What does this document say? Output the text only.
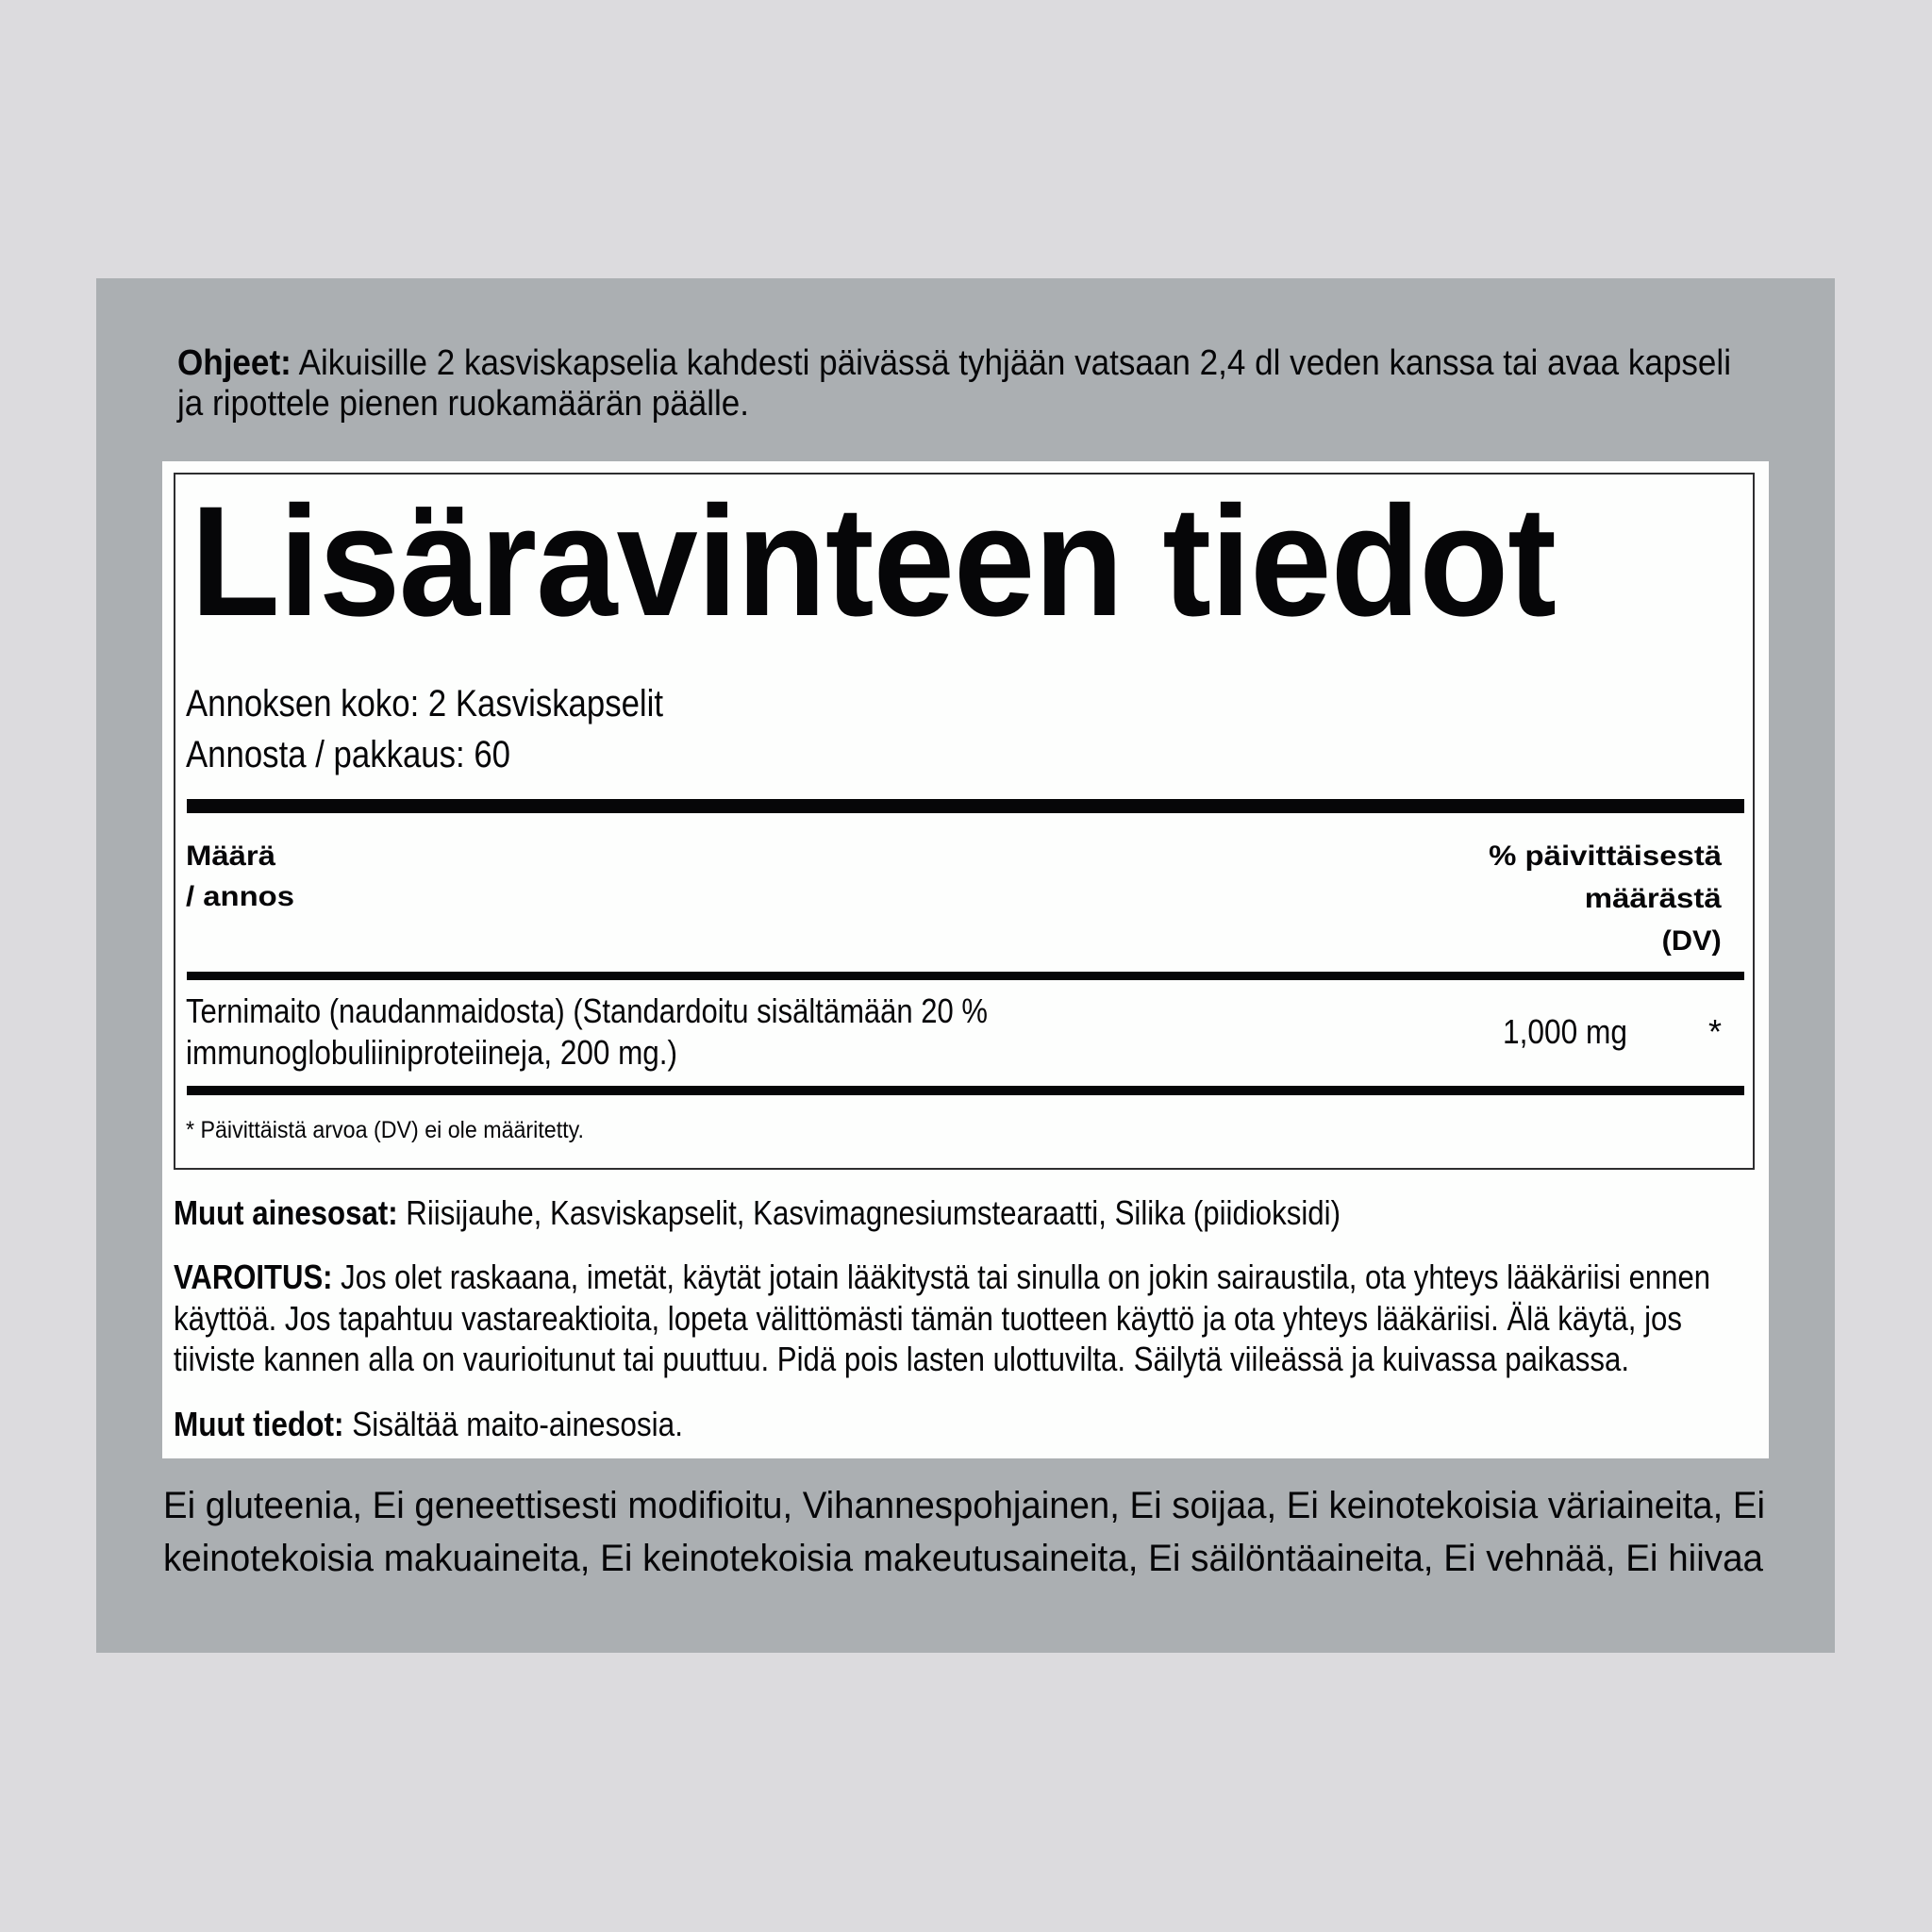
Ohjeet: Aikuisille 2 kasviskapselia kahdesti päivässä tyhjään vatsaan 2,4 dl veden kanssa tai avaa kapseli
ja ripottele pienen ruokamäärän päälle.
Lisäravinteen tiedot
Annoksen koko: 2 Kasviskapselit
Annosta / pakkaus: 60
Määrä
/ annos
% päivittäisestä
määrästä
(DV)
Ternimaito (naudanmaidosta) (Standardoitu sisältämään 20 %
immunoglobuliiniproteiineja, 200 mg.)
1,000 mg *
* Päivittäistä arvoa (DV) ei ole määritetty.
Muut ainesosat: Riisijauhe, Kasviskapselit, Kasvimagnesiumstearaatti, Silika (piidioksidi)
VAROITUS: Jos olet raskaana, imetät, käytät jotain lääkitystä tai sinulla on jokin sairaustila, ota yhteys lääkäriisi ennen
käyttöä. Jos tapahtuu vastareaktioita, lopeta välittömästi tämän tuotteen käyttö ja ota yhteys lääkäriisi. Älä käytä, jos
tiiviste kannen alla on vaurioitunut tai puuttuu. Pidä pois lasten ulottuvilta. Säilytä viileässä ja kuivassa paikassa.
Muut tiedot: Sisältää maito-ainesosia.
Ei gluteenia, Ei geneettisesti modifioitu, Vihannespohjainen, Ei soijaa, Ei keinotekoisia väriaineita, Ei
keinotekoisia makuaineita, Ei keinotekoisia makeutusaineita, Ei säilöntäaineita, Ei vehnää, Ei hiivaa
